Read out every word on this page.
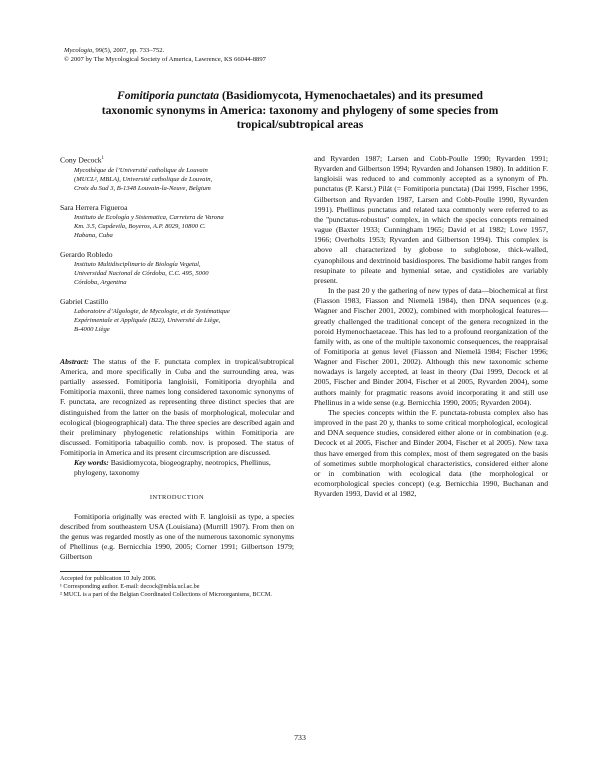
Mycologia, 99(5), 2007, pp. 733–752.
© 2007 by The Mycological Society of America, Lawrence, KS 66044-8897
Fomitiporia punctata (Basidiomycota, Hymenochaetales) and its presumed
taxonomic synonyms in America: taxonomy and phylogeny of some species from
tropical/subtropical areas

Cony Decock$^1$

Mycothèque de l’Université catholique de Louvain
(MUCL², MBLA), Université catholique de Louvain,
Croix du Sud 3, B-1348 Louvain-la-Neuve, Belgium

Sara Herrera Figueroa

Instituto de Ecología y Sistematica, Carretera de Varona
Km. 3.5, Capdevila, Boyeros, A.P. 8029, 10800 C.
Habana, Cuba

Gerardo Robledo

Instituto Multidisciplinario de Biología Vegetal,
Universidad Nacional de Córdoba, C.C. 495, 5000
Córdoba, Argentina

Gabriel Castillo

Laboratoire d’Algologie, de Mycologie, et de Systématique
Expérimentale et Appliquée (B22), Université de Liège,
B-4000 Liège

Abstract: The status of the F. punctata complex in tropical/subtropical America, and more specifically in Cuba and the surrounding area, was partially assessed. Fomitiporia langloisii, Fomitiporia dryophila and Fomitiporia maxonii, three names long considered taxonomic synonyms of F. punctata, are recognized as representing three distinct species that are distinguished from the latter on the basis of morphological, molecular and ecological (biogeographical) data. The three species are described again and their preliminary phylogenetic relationships within Fomitiporia are discussed. Fomitiporia tabaquilio comb. nov. is proposed. The status of Fomitiporia in America and its present circumscription are discussed.

Key words: Basidiomycota, biogeography, neotropics, Phellinus, phylogeny, taxonomy

INTRODUCTION

Fomitiporia originally was erected with F. langloisii as type, a species described from southeastern USA (Louisiana) (Murrill 1907). From then on the genus was regarded mostly as one of the numerous taxonomic synonyms of Phellinus (e.g. Bernicchia 1990, 2005; Corner 1991; Gilbertson 1979; Gilbertson

Accepted for publication 10 July 2006.

¹ Corresponding author. E-mail: decock@mbla.ucl.ac.be

² MUCL is a part of the Belgian Coordinated Collections of Microorganisms, BCCM.

and Ryvarden 1987; Larsen and Cobb-Poulle 1990; Ryvarden 1991; Ryvarden and Gilbertson 1994; Ryvarden and Johansen 1980). In addition F. langloisii was reduced to and commonly accepted as a synonym of Ph. punctatus (P. Karst.) Pilát (= Fomitiporia punctata) (Dai 1999, Fischer 1996, Gilbertson and Ryvarden 1987, Larsen and Cobb-Poulle 1990, Ryvarden 1991). Phellinus punctatus and related taxa commonly were referred to as the ''punctatus-robustus'' complex, in which the species concepts remained vague (Baxter 1933; Cunningham 1965; David et al 1982; Lowe 1957, 1966; Overholts 1953; Ryvarden and Gilbertson 1994). This complex is above all characterized by globose to subglobose, thick-walled, cyanophilous and dextrinoid basidiospores. The basidiome habit ranges from resupinate to pileate and hymenial setae, and cystidioles are variably present.

In the past 20 y the gathering of new types of data—biochemical at first (Fiasson 1983, Fiasson and Niemelä 1984), then DNA sequences (e.g. Wagner and Fischer 2001, 2002), combined with morphological features—greatly challenged the traditional concept of the genera recognized in the poroid Hymenochaetaceae. This has led to a profound reorganization of the family with, as one of the multiple taxonomic consequences, the reappraisal of Fomitiporia at genus level (Fiasson and Niemelä 1984; Fischer 1996; Wagner and Fischer 2001, 2002). Although this new taxonomic scheme nowadays is largely accepted, at least in theory (Dai 1999, Decock et al 2005, Fischer and Binder 2004, Fischer et al 2005, Ryvarden 2004), some authors mainly for pragmatic reasons avoid incorporating it and still use Phellinus in a wide sense (e.g. Bernicchia 1990, 2005; Ryvarden 2004).

The species concepts within the F. punctata-robusta complex also has improved in the past 20 y, thanks to some critical morphological, ecological and DNA sequence studies, considered either alone or in combination (e.g. Decock et al 2005, Fischer and Binder 2004, Fischer et al 2005). New taxa thus have emerged from this complex, most of them segregated on the basis of sometimes subtle morphological characteristics, considered either alone or in combination with ecological data (the morphological or ecomorphological species concept) (e.g. Bernicchia 1990, Buchanan and Ryvarden 1993, David et al 1982,

733
